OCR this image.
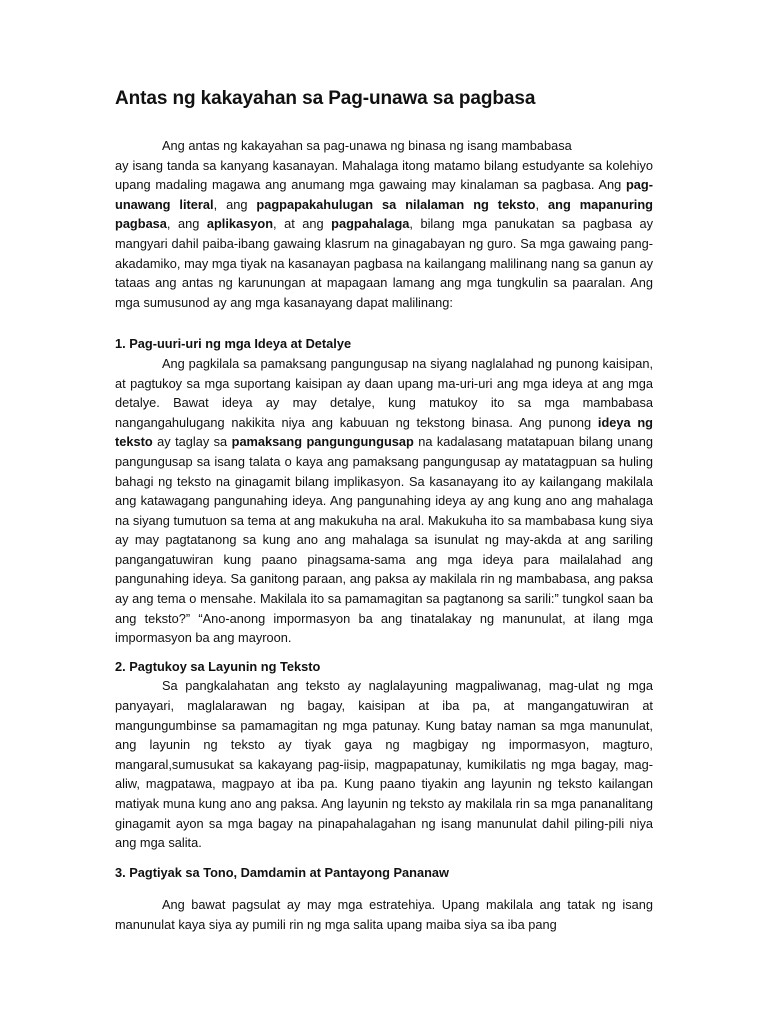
Antas ng kakayahan sa Pag-unawa sa pagbasa

Ang antas ng kakayahan sa pag-unawa ng binasa ng isang mambabasa

ay isang tanda sa kanyang kasanayan. Mahalaga itong matamo bilang estudyante sa kolehiyo upang madaling magawa ang anumang mga gawaing may kinalaman sa pagbasa. Ang pag-unawang literal, ang pagpapakahulugan sa nilalaman ng teksto, ang mapanuring pagbasa, ang aplikasyon, at ang pagpahalaga, bilang mga panukatan sa pagbasa ay mangyari dahil paiba-ibang gawaing klasrum na ginagabayan ng guro. Sa mga gawaing pang-akadamiko, may mga tiyak na kasanayan pagbasa na kailangang malilinang nang sa ganun ay tataas ang antas ng karunungan at mapagaan lamang ang mga tungkulin sa paaralan. Ang mga sumusunod ay ang mga kasanayang dapat malilinang:

1. Pag-uuri-uri ng mga Ideya at Detalye

Ang pagkilala sa pamaksang pangungusap na siyang naglalahad ng punong kaisipan, at pagtukoy sa mga suportang kaisipan ay daan upang ma-uri-uri ang mga ideya at ang mga detalye. Bawat ideya ay may detalye, kung matukoy ito sa mga mambabasa nangangahulugang nakikita niya ang kabuuan ng tekstong binasa. Ang punong ideya ng teksto ay taglay sa pamaksang pangungungusap na kadalasang matatapuan bilang unang pangungusap sa isang talata o kaya ang pamaksang pangungusap ay matatagpuan sa huling bahagi ng teksto na ginagamit bilang implikasyon. Sa kasanayang ito ay kailangang makilala ang katawagang pangunahing ideya. Ang pangunahing ideya ay ang kung ano ang mahalaga na siyang tumutuon sa tema at ang makukuha na aral. Makukuha ito sa mambabasa kung siya ay may pagtatanong sa kung ano ang mahalaga sa isunulat ng may-akda at ang sariling pangangatuwiran kung paano pinagsama-sama ang mga ideya para mailalahad ang pangunahing ideya. Sa ganitong paraan, ang paksa ay makilala rin ng mambabasa, ang paksa ay ang tema o mensahe. Makilala ito sa pamamagitan sa pagtanong sa sarili:” tungkol saan ba ang teksto?” “Ano-anong impormasyon ba ang tinatalakay ng manunulat, at ilang mga impormasyon ba ang mayroon.

2. Pagtukoy sa Layunin ng Teksto

Sa pangkalahatan ang teksto ay naglalayuning magpaliwanag, mag-ulat ng mga panyayari, maglalarawan ng bagay, kaisipan at iba pa, at mangangatuwiran at mangungumbinse sa pamamagitan ng mga patunay. Kung batay naman sa mga manunulat, ang layunin ng teksto ay tiyak gaya ng magbigay ng impormasyon, magturo, mangaral,sumusukat sa kakayang pag-iisip, magpapatunay, kumikilatis ng mga bagay, mag-aliw, magpatawa, magpayo at iba pa. Kung paano tiyakin ang layunin ng teksto kailangan matiyak muna kung ano ang paksa. Ang layunin ng teksto ay makilala rin sa mga pananalitang ginagamit ayon sa mga bagay na pinapahalagahan ng isang manunulat dahil piling-pili niya ang mga salita.

3. Pagtiyak sa Tono, Damdamin at Pantayong Pananaw

Ang bawat pagsulat ay may mga estratehiya. Upang makilala ang tatak ng isang manunulat kaya siya ay pumili rin ng mga salita upang maiba siya sa iba pang
